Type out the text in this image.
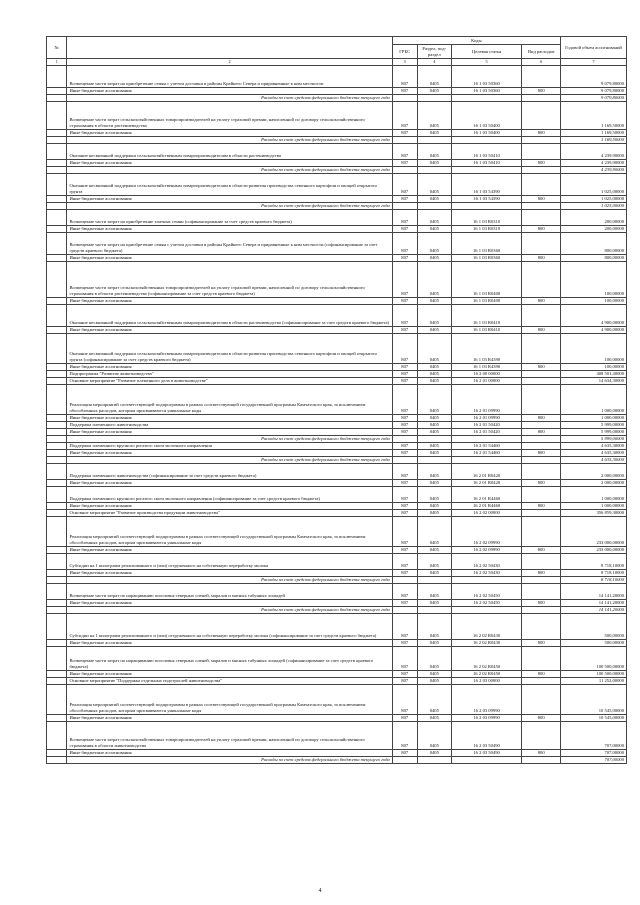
№		Коды				Годовой объем ассигнований
		ГРБС	Раздел, под-раздел	Целевая статья	Вид расходов	
1	2	3	4	5	6	7
	Возмещение части затрат на приобретение семян с учетом доставки в районы Крайнего Севера и приравненные к ним местности	807	0405	16 1 03 50360		9 079,80000
	Иные бюджетные ассигнования	807	0405	16 1 03 50360	800	9 079,80000
	Расходы за счет средств федерального бюджета текущего года					9 079,80000
	Возмещение части затрат сельскохозяйственных товаропроизводителей на уплату страховой премии, начисленной по договору сельскохозяйственного страхования в области растениеводства	807	0405	16 1 03 50400		1 169,50000
	Иные бюджетные ассигнования	807	0405	16 1 03 50400	800	1 169,50000
	Расходы за счет средств федерального бюджета текущего года					1 169,50000
	Оказание несвязанной поддержки сельскохозяйственным товаропроизводителям в области растениеводства	807	0405	16 1 03 50410		4 239,90000
	Иные бюджетные ассигнования	807	0405	16 1 03 50410	800	4 239,90000
	Расходы за счет средств федерального бюджета текущего года					4 239,90000
	Оказание несвязанной поддержки сельскохозяйственным товаропроизводителям в области развития производства семенного картофеля и овощей открытого грунта	807	0405	16 1 03 54390		1 025,00000
	Иные бюджетные ассигнования	807	0405	16 1 03 54390	800	1 025,00000
	Расходы за счет средств федерального бюджета текущего года					1 025,00000
	Возмещение части затрат на приобретение элитных семян (софинансирование за счет средств краевого бюджета)	807	0405	16 1 03 R0310		200,00000
	Иные бюджетные ассигнования	807	0405	16 1 03 R0310	800	200,00000
	Возмещение части затрат на приобретение семян с учетом доставки в районы Крайнего Севера и приравненные к ним местности (софинансирование за счет средств краевого бюджета)	807	0405	16 1 03 R0360		800,00000
	Иные бюджетные ассигнования	807	0405	16 1 03 R0360	800	800,00000
	Возмещение части затрат сельскохозяйственных товаропроизводителей на уплату страховой премии, начисленной по договору сельскохозяйственного страхования в области растениеводства (софинансирование за счет средств краевого бюджета)	807	0405	16 1 03 R0400		100,00000
	Иные бюджетные ассигнования	807	0405	16 1 03 R0400	800	100,00000
	Оказание несвязанной поддержки сельскохозяйственным товаропроизводителям в области растениеводства (софинансирование за счет средств краевого бюджета)	807	0405	16 1 03 R0410		4 900,00000
	Иные бюджетные ассигнования	807	0405	16 1 03 R0410	800	4 900,00000
	Оказание несвязанной поддержки сельскохозяйственным товаропроизводителям в области развития производства семенного картофеля и овощей открытого грунта (софинансирование за счет средств краевого бюджета)	807	0405	16 1 03 R4390		100,00000
	Иные бюджетные ассигнования	807	0405	16 1 03 R4390	800	100,00000
	Подпрограмма "Развитие животноводства"	807	0405	16 2 00 00000		408 501,40000
	Основное мероприятие "Развитие племенного дела в животноводстве"	807	0405	16 2 01 00000		14 634,30000
	Реализация мероприятий соответствующей подпрограммы в рамках соответствующей государственной программы Камчатского края, за исключением обособленных расходов, которым присваиваются уникальные коды	807	0405	16 2 01 09990		1 000,00000
	Иные бюджетные ассигнования	807	0405	16 2 01 09990	800	1 000,00000
	Поддержка племенного животноводства	807	0405	16 2 01 50420		5 999,00000
	Иные бюджетные ассигнования	807	0405	16 2 01 50420	800	5 999,00000
	Расходы за счет средств федерального бюджета текущего года					5 999,00000
	Поддержка племенного крупного рогатого скота молочного направления	807	0405	16 2 01 54460		4 635,30000
	Иные бюджетные ассигнования	807	0405	16 2 01 54460	800	4 635,30000
	Расходы за счет средств федерального бюджета текущего года					4 635,30000
	Поддержка племенного животноводства (софинансирование за счет средств краевого бюджета)	807	0405	16 2 01 R0420		2 000,00000
	Иные бюджетные ассигнования	807	0405	16 2 01 R0420	800	2 000,00000
	Поддержка племенного крупного рогатого скота молочного направления (софинансирование за счет средств краевого бюджета)	807	0405	16 2 01 R4460		1 000,00000
	Иные бюджетные ассигнования	807	0405	16 2 01 R4460	800	1 000,00000
	Основное мероприятие "Развитие производства продукции животноводства"	807	0405	16 2 02 00000		356 859,30000
	Реализация мероприятий соответствующей подпрограммы в рамках соответствующей государственной программы Камчатского края, за исключением обособленных расходов, которым присваиваются уникальные коды	807	0405	16 2 02 09990		233 000,00000
	Иные бюджетные ассигнования	807	0405	16 2 02 09990	800	233 000,00000
	Субсидии на 1 килограмм реализованного и (или) отгруженного на собственную переработку молока	807	0405	16 2 02 50430		8 718,10000
	Иные бюджетные ассигнования	807	0405	16 2 02 50430	800	8 718,10000
	Расходы за счет средств федерального бюджета текущего года					8 718,10000
	Возмещение части затрат по наращиванию поголовья северных оленей, маралов и мясных табунных лошадей	807	0405	16 2 02 50450		14 141,20000
	Иные бюджетные ассигнования	807	0405	16 2 02 50450	800	14 141,20000
	Расходы за счет средств федерального бюджета текущего года					14 141,20000
	Субсидии на 1 килограмм реализованного и (или) отгруженного на собственную переработку молока (софинансирование за счет средств краевого бюджета)	807	0405	16 2 02 R0430		500,00000
	Иные бюджетные ассигнования	807	0405	16 2 02 R0430	800	500,00000
	Возмещение части затрат по наращиванию поголовья северных оленей, маралов и мясных табунных лошадей (софинансирование за счет средств краевого бюджета)	807	0405	16 2 02 R0450		100 500,00000
	Иные бюджетные ассигнования	807	0405	16 2 02 R0450	800	100 500,00000
	Основное мероприятие "Поддержка отдельных подотраслей животноводства"	807	0405	16 2 03 00000		11 252,00000
	Реализация мероприятий соответствующей подпрограммы в рамках соответствующей государственной программы Камчатского края, за исключением обособленных расходов, которым присваиваются уникальные коды	807	0405	16 2 03 09990		10 545,00000
	Иные бюджетные ассигнования	807	0405	16 2 03 09990	800	10 545,00000
	Возмещение части затрат сельскохозяйственных товаропроизводителей на уплату страховой премии, начисленной по договору сельскохозяйственного страхования в области животноводства	807	0405	16 2 03 50490		707,00000
	Иные бюджетные ассигнования	807	0405	16 2 03 50490	800	707,00000
	Расходы за счет средств федерального бюджета текущего года					707,00000
4
